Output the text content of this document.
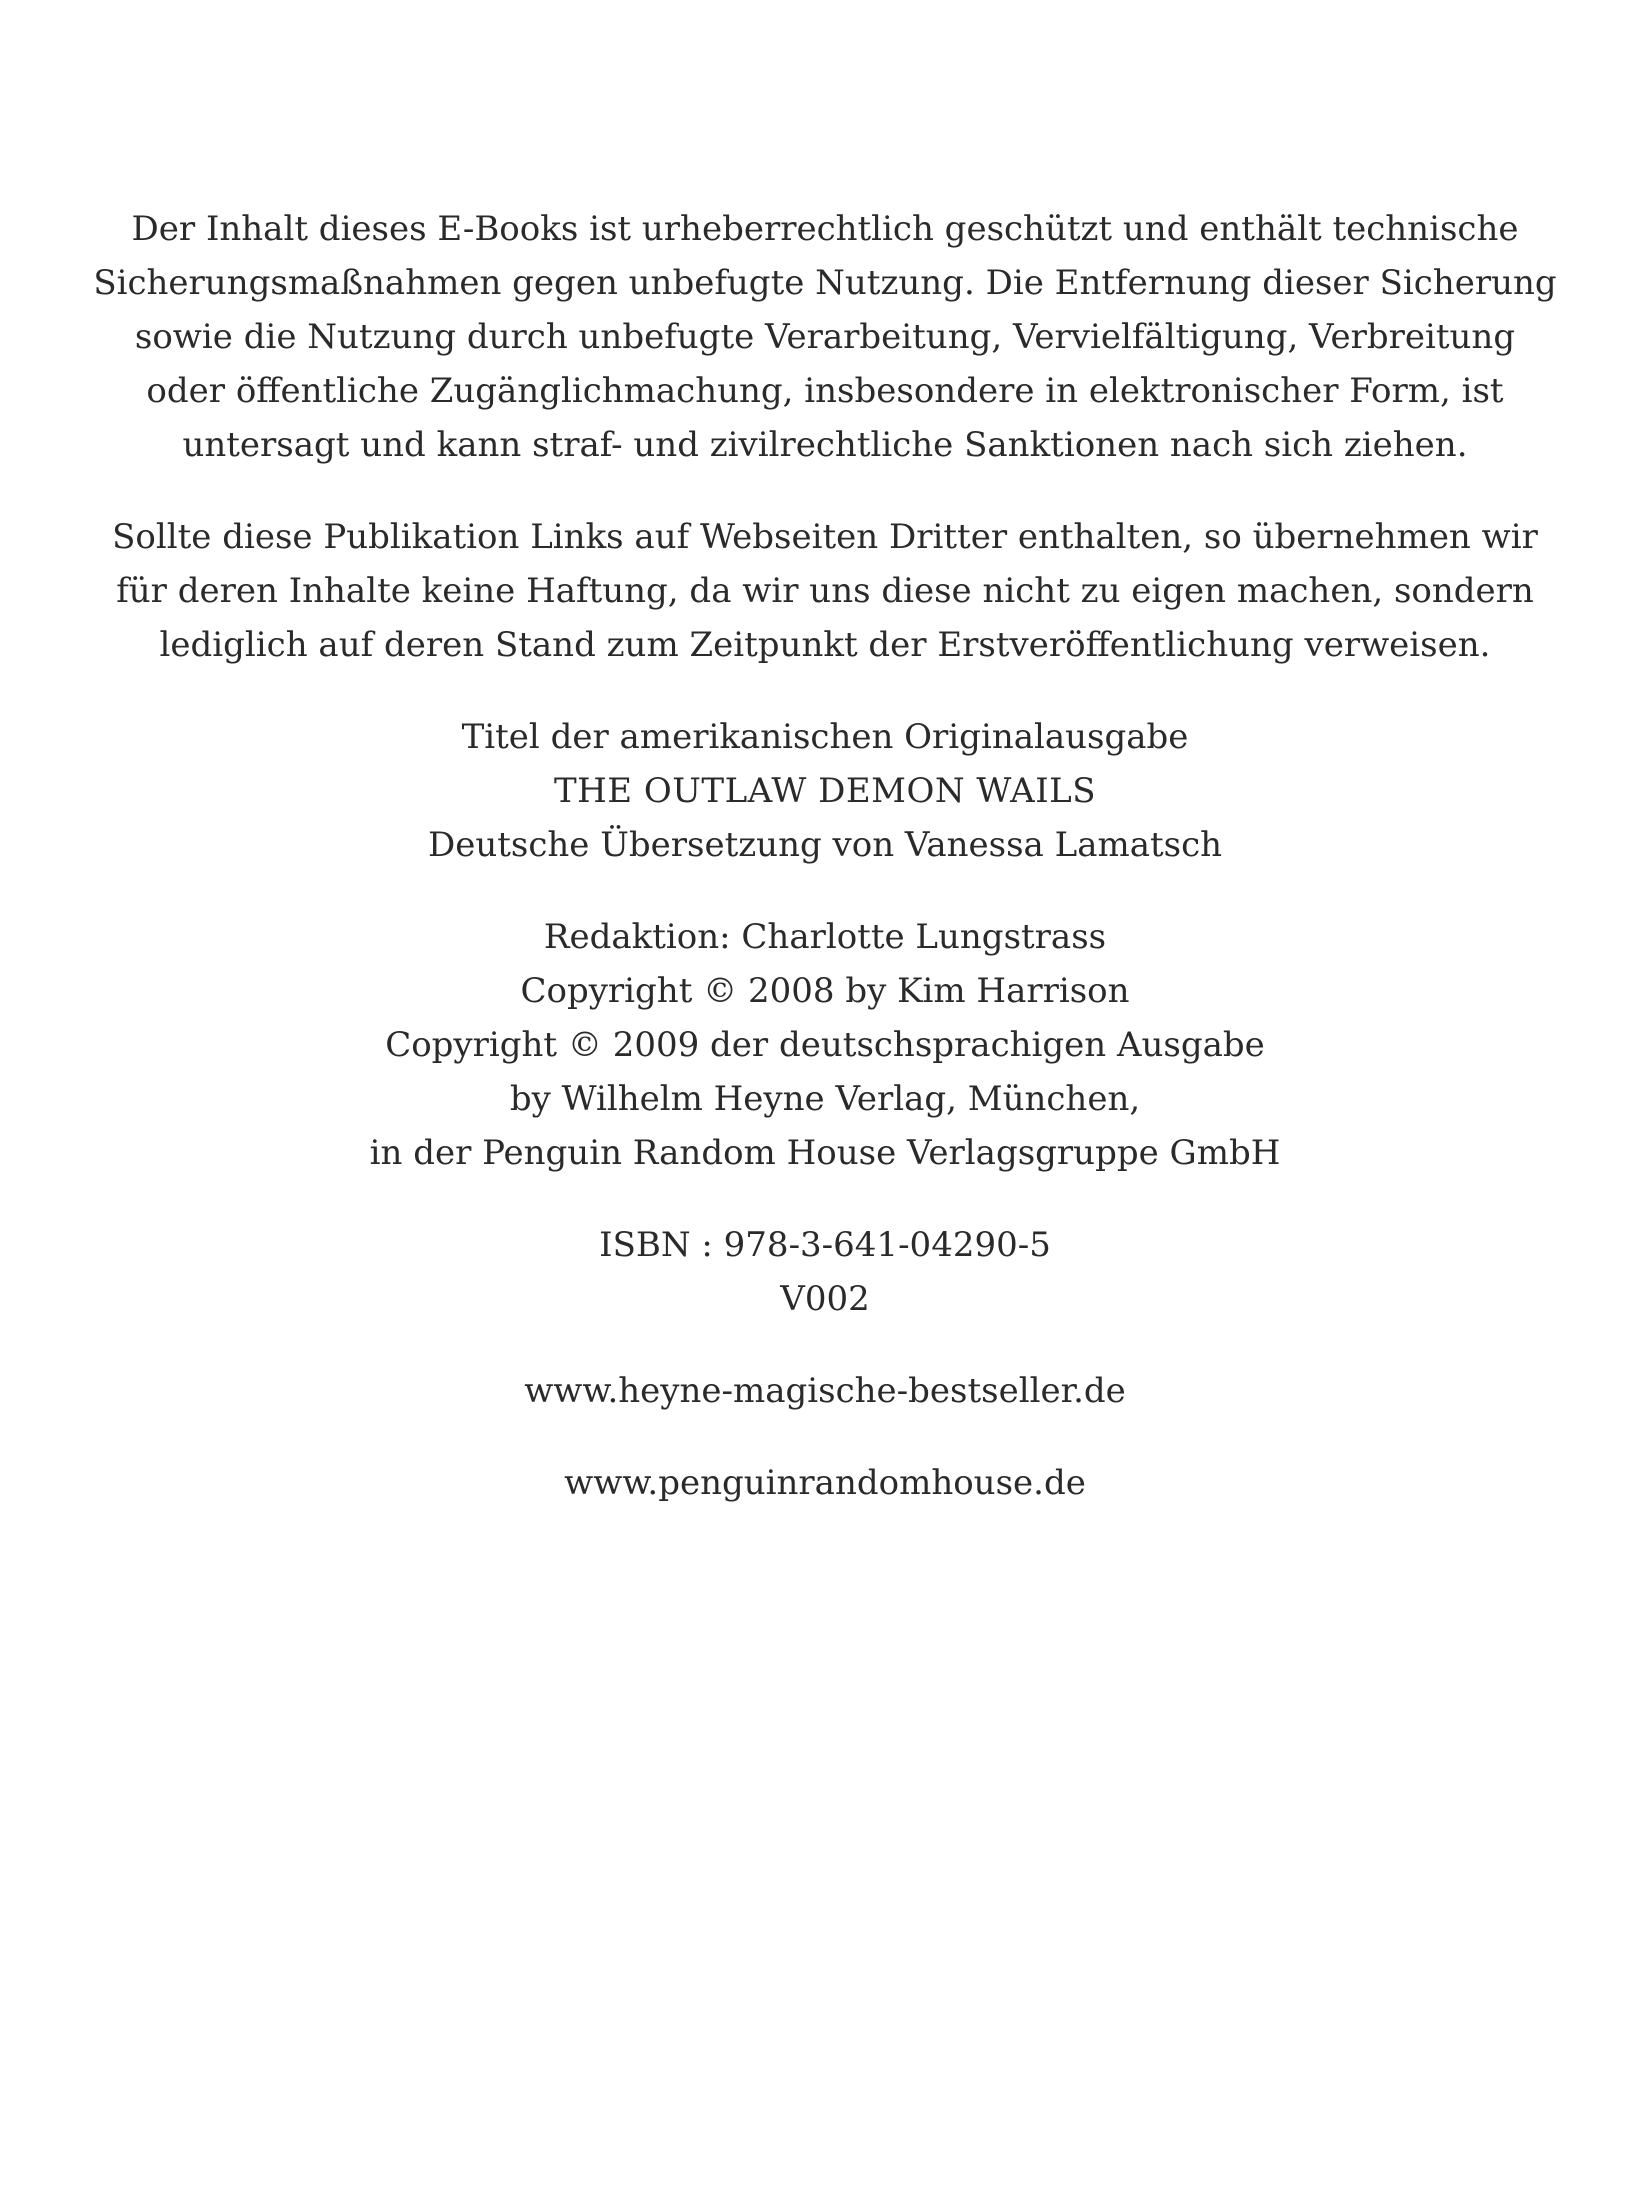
Der Inhalt dieses E-Books ist urheberrechtlich geschützt und enthält technische
Sicherungsmaßnahmen gegen unbefugte Nutzung. Die Entfernung dieser Sicherung
sowie die Nutzung durch unbefugte Verarbeitung, Vervielfältigung, Verbreitung
oder öffentliche Zugänglichmachung, insbesondere in elektronischer Form, ist
untersagt und kann straf- und zivilrechtliche Sanktionen nach sich ziehen.
Sollte diese Publikation Links auf Webseiten Dritter enthalten, so übernehmen wir
für deren Inhalte keine Haftung, da wir uns diese nicht zu eigen machen, sondern
lediglich auf deren Stand zum Zeitpunkt der Erstveröffentlichung verweisen.
Titel der amerikanischen Originalausgabe
THE OUTLAW DEMON WAILS
Deutsche Übersetzung von Vanessa Lamatsch
Redaktion: Charlotte Lungstrass
Copyright © 2008 by Kim Harrison
Copyright © 2009 der deutschsprachigen Ausgabe
by Wilhelm Heyne Verlag, München,
in der Penguin Random House Verlagsgruppe GmbH
ISBN : 978-3-641-04290-5
V002
www.heyne-magische-bestseller.de
www.penguinrandomhouse.de
